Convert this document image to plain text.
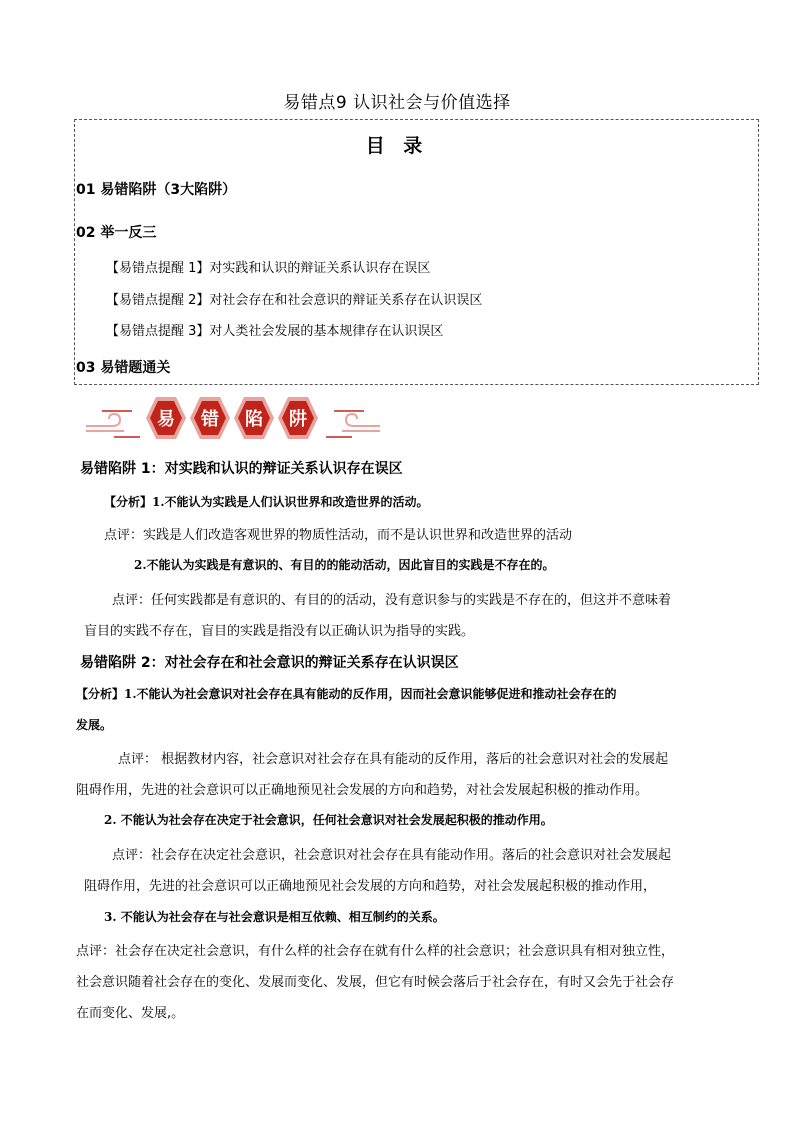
易错点9 认识社会与价值选择
目 录
01 易错陷阱（3大陷阱）
02 举一反三
【易错点提醒 1】对实践和认识的辩证关系认识存在误区
【易错点提醒 2】对社会存在和社会意识的辩证关系存在认识误区
【易错点提醒 3】对人类社会发展的基本规律存在认识误区
03 易错题通关
易 错 陷 阱
易错陷阱 1：对实践和认识的辩证关系认识存在误区
【分析】1.不能认为实践是人们认识世界和改造世界的活动。
点评：实践是人们改造客观世界的物质性活动，而不是认识世界和改造世界的活动
2.不能认为实践是有意识的、有目的的能动活动，因此盲目的实践是不存在的。
点评：任何实践都是有意识的、有目的的活动，没有意识参与的实践是不存在的，但这并不意味着
盲目的实践不存在，盲目的实践是指没有以正确认识为指导的实践。
易错陷阱 2：对社会存在和社会意识的辩证关系存在认识误区
【分析】1.不能认为社会意识对社会存在具有能动的反作用，因而社会意识能够促进和推动社会存在的
发展。
点评： 根据教材内容，社会意识对社会存在具有能动的反作用，落后的社会意识对社会的发展起
阻碍作用，先进的社会意识可以正确地预见社会发展的方向和趋势，对社会发展起积极的推动作用。
2. 不能认为社会存在决定于社会意识，任何社会意识对社会发展起积极的推动作用。
点评：社会存在决定社会意识，社会意识对社会存在具有能动作用。落后的社会意识对社会发展起
阻碍作用，先进的社会意识可以正确地预见社会发展的方向和趋势，对社会发展起积极的推动作用，
3. 不能认为社会存在与社会意识是相互依赖、相互制约的关系。
点评：社会存在决定社会意识，有什么样的社会存在就有什么样的社会意识；社会意识具有相对独立性，
社会意识随着社会存在的变化、发展而变化、发展，但它有时候会落后于社会存在，有时又会先于社会存
在而变化、发展,。
